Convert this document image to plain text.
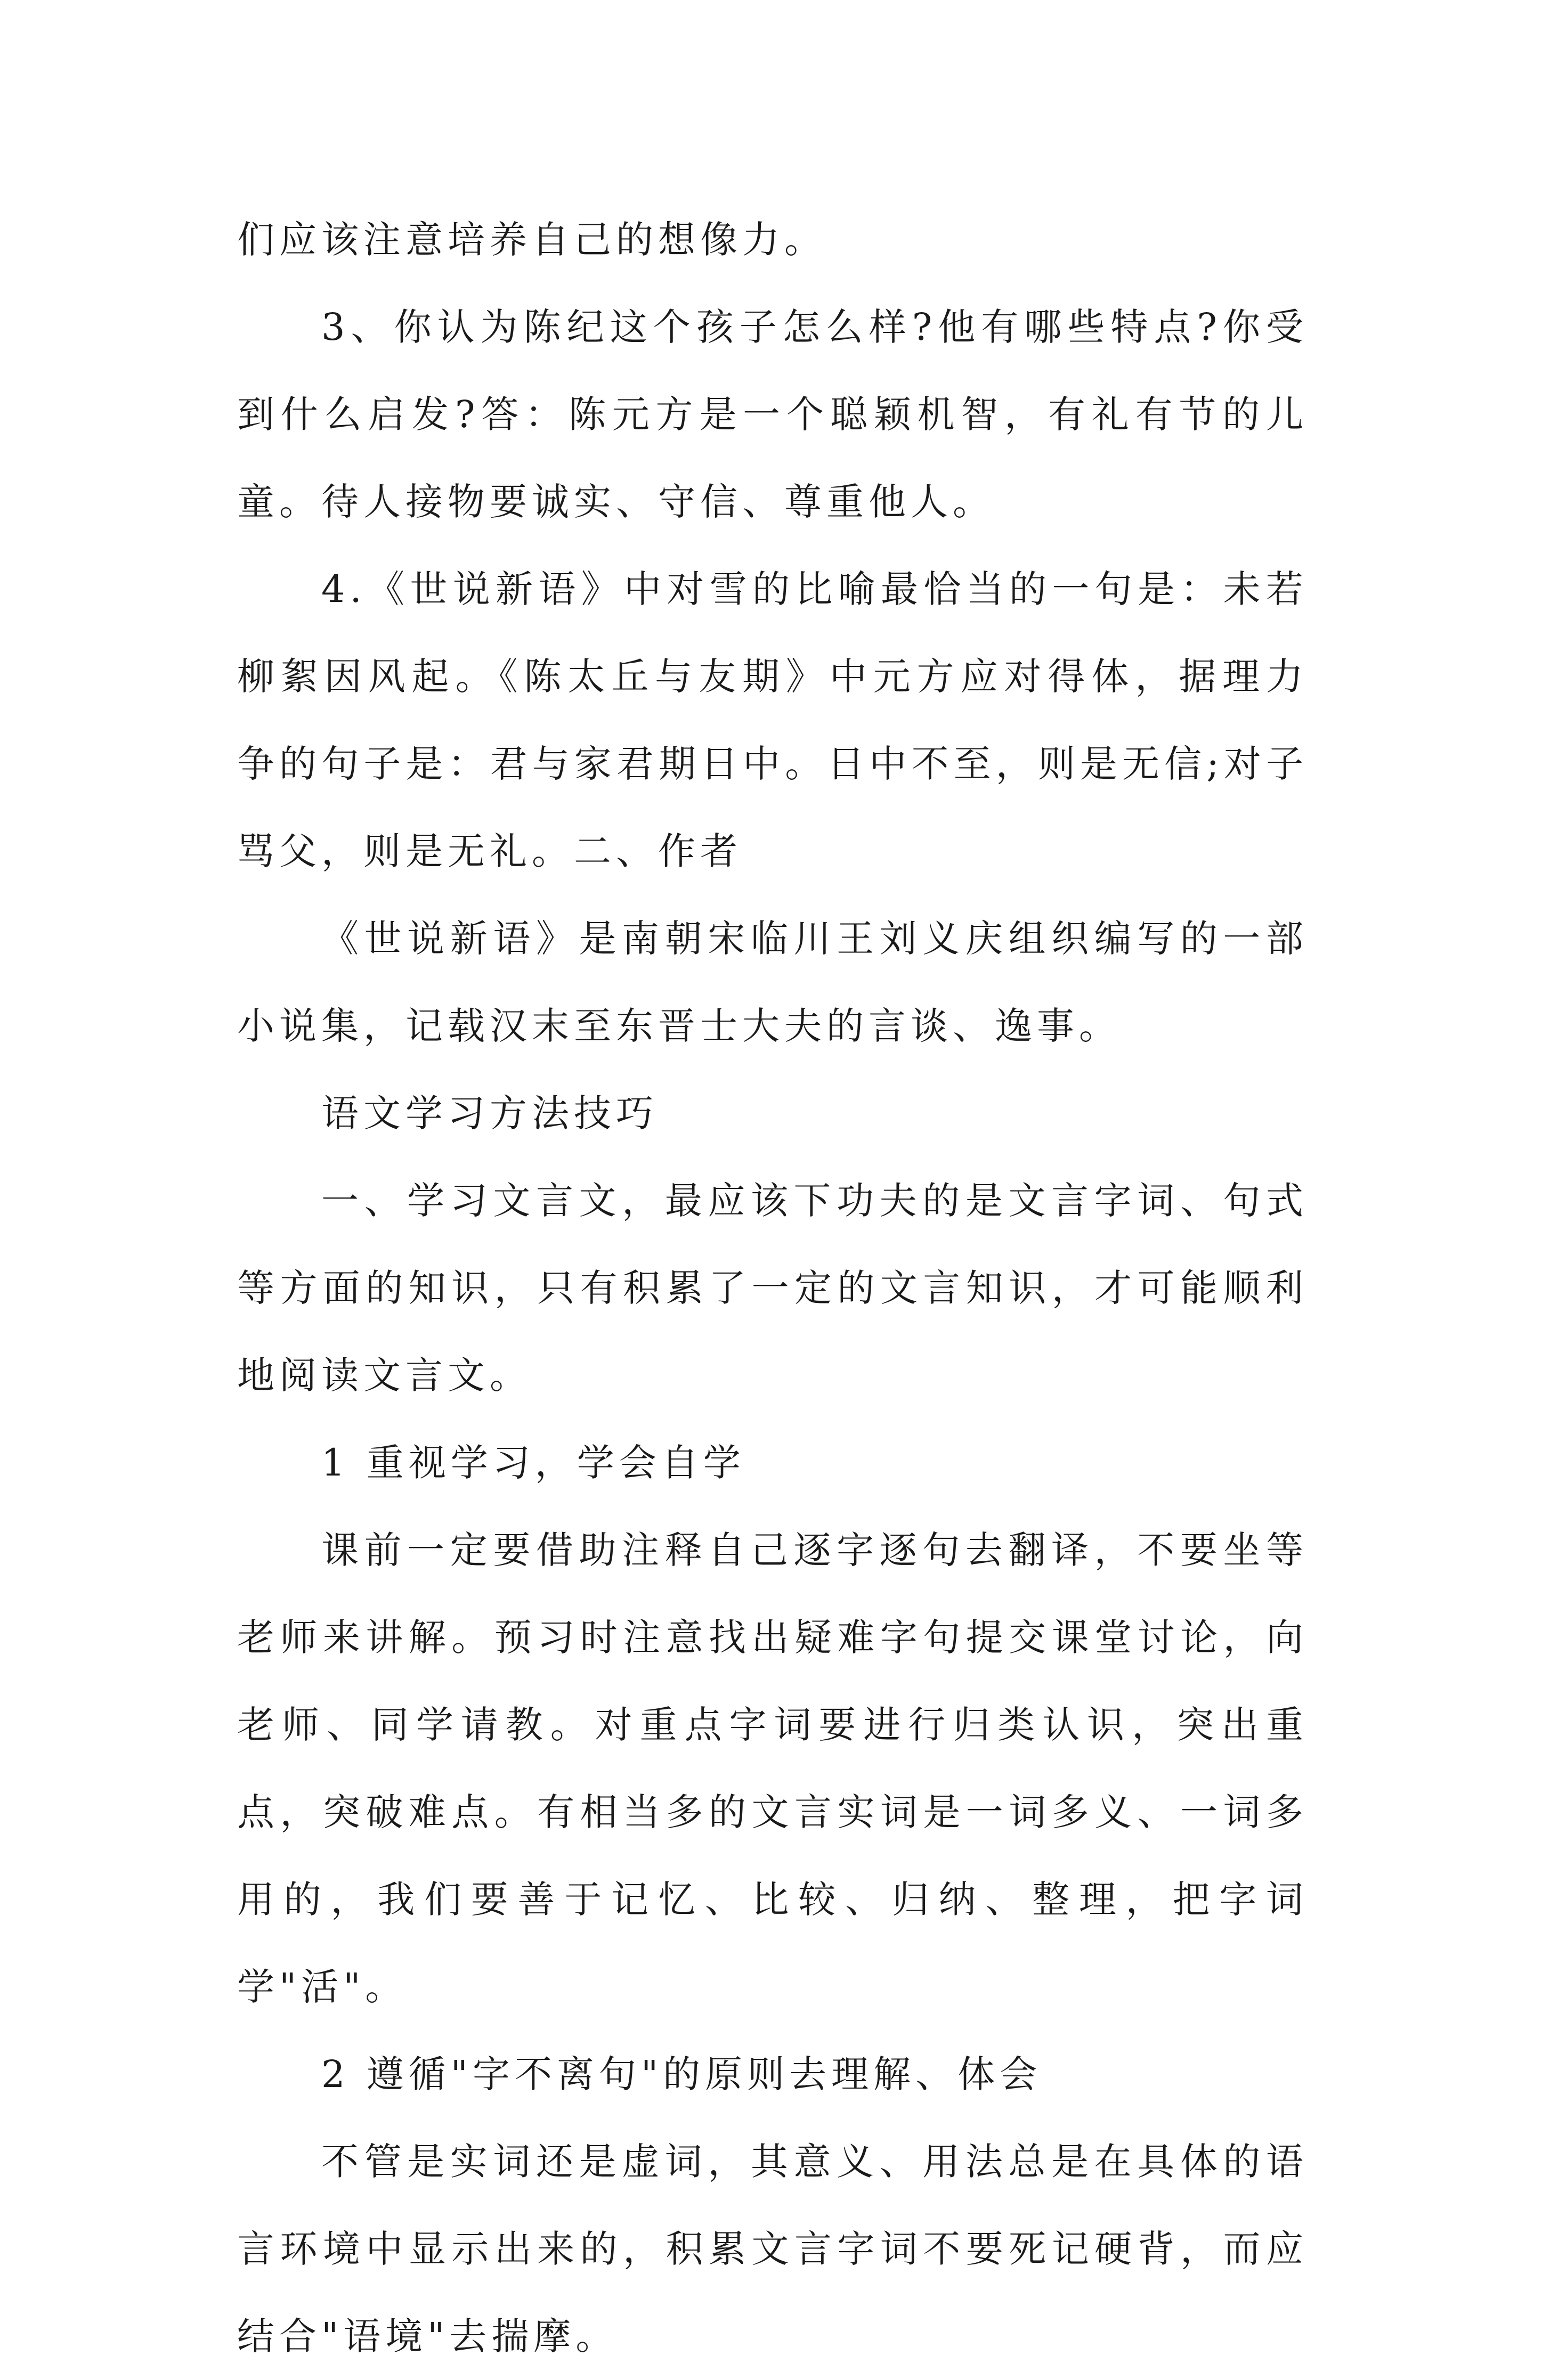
们应该注意培养自己的想像力。

3、你认为陈纪这个孩子怎么样?他有哪些特点?你受到什么启发?答：陈元方是一个聪颖机智，有礼有节的儿童。待人接物要诚实、守信、尊重他人。

4.《世说新语》中对雪的比喻最恰当的一句是：未若柳絮因风起。《陈太丘与友期》中元方应对得体，据理力争的句子是：君与家君期日中。日中不至，则是无信;对子骂父，则是无礼。二、作者

《世说新语》是南朝宋临川王刘义庆组织编写的一部小说集，记载汉末至东晋士大夫的言谈、逸事。

语文学习方法技巧

一、学习文言文，最应该下功夫的是文言字词、句式等方面的知识，只有积累了一定的文言知识，才可能顺利地阅读文言文。

1 重视学习，学会自学

课前一定要借助注释自己逐字逐句去翻译，不要坐等老师来讲解。预习时注意找出疑难字句提交课堂讨论，向老师、同学请教。对重点字词要进行归类认识，突出重点，突破难点。有相当多的文言实词是一词多义、一词多用的，我们要善于记忆、比较、归纳、整理，把字词学"活"。

2 遵循"字不离句"的原则去理解、体会

不管是实词还是虚词，其意义、用法总是在具体的语言环境中显示出来的，积累文言字词不要死记硬背，而应结合"语境"去揣摩。
